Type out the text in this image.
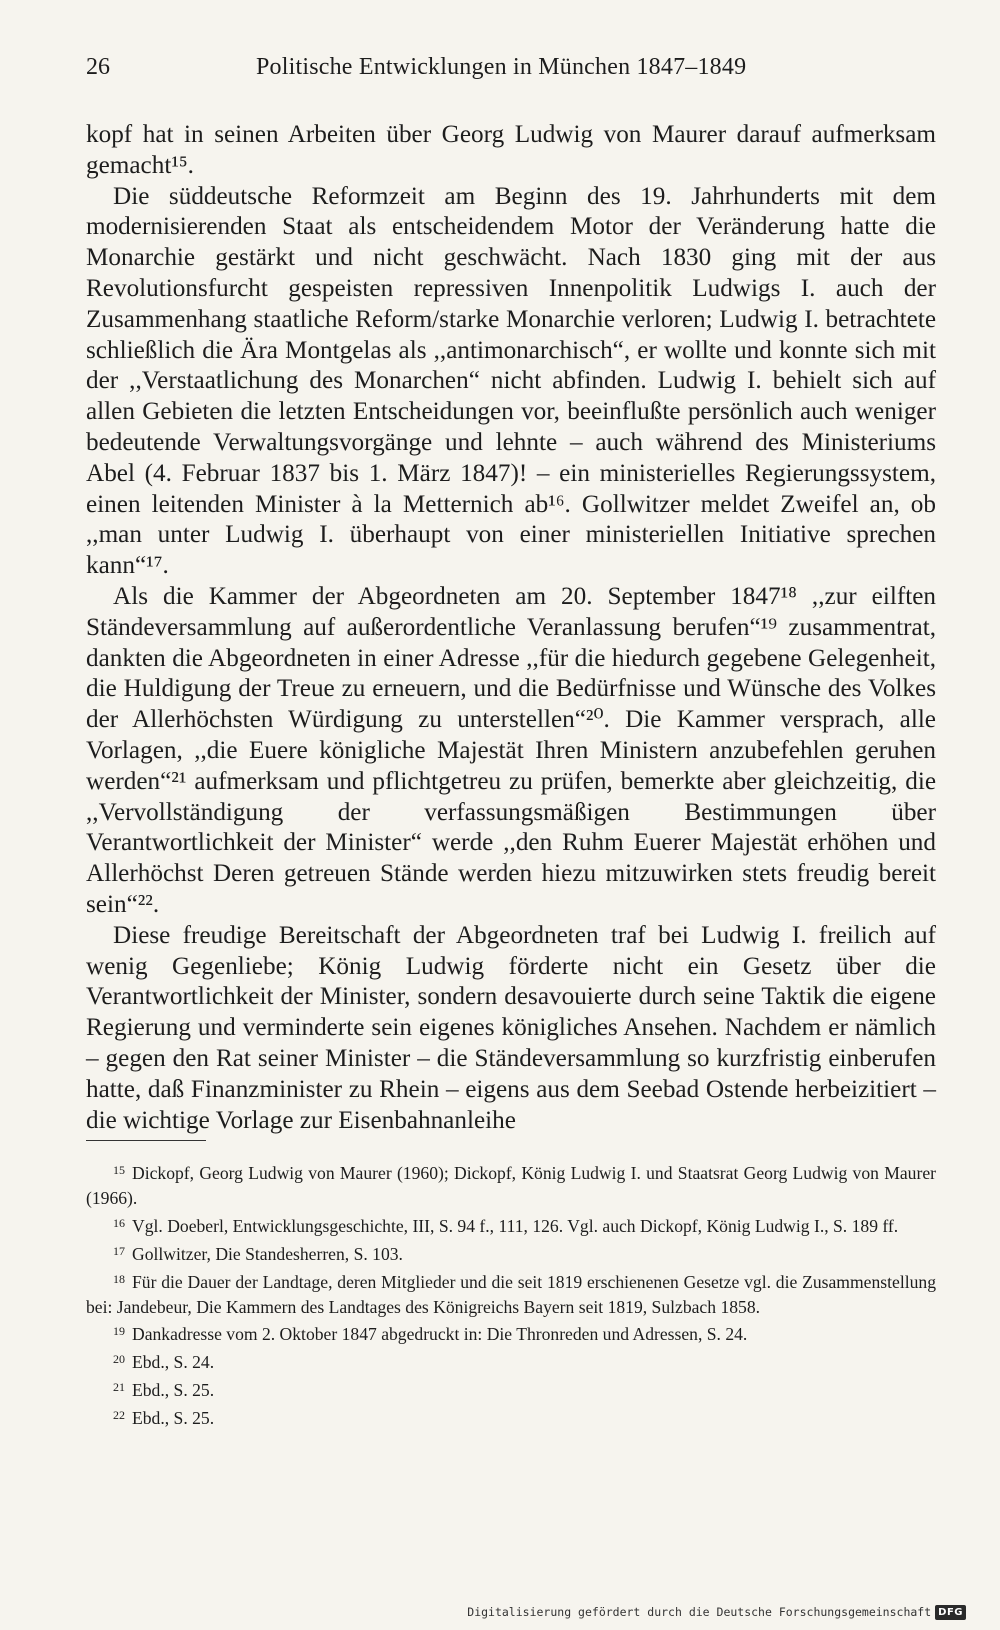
26	Politische Entwicklungen in München 1847–1849

kopf hat in seinen Arbeiten über Georg Ludwig von Maurer darauf aufmerksam gemacht¹⁵.

Die süddeutsche Reformzeit am Beginn des 19. Jahrhunderts mit dem modernisierenden Staat als entscheidendem Motor der Veränderung hatte die Monarchie gestärkt und nicht geschwächt. Nach 1830 ging mit der aus Revolutionsfurcht gespeisten repressiven Innenpolitik Ludwigs I. auch der Zusammenhang staatliche Reform/starke Monarchie verloren; Ludwig I. betrachtete schließlich die Ära Montgelas als ,,antimonarchisch“, er wollte und konnte sich mit der ,,Verstaatlichung des Monarchen“ nicht abfinden. Ludwig I. behielt sich auf allen Gebieten die letzten Entscheidungen vor, beeinflußte persönlich auch weniger bedeutende Verwaltungsvorgänge und lehnte – auch während des Ministeriums Abel (4. Februar 1837 bis 1. März 1847)! – ein ministerielles Regierungssystem, einen leitenden Minister à la Metternich ab¹⁶. Gollwitzer meldet Zweifel an, ob ,,man unter Ludwig I. überhaupt von einer ministeriellen Initiative sprechen kann“¹⁷.

Als die Kammer der Abgeordneten am 20. September 1847¹⁸ ,,zur eilften Ständeversammlung auf außerordentliche Veranlassung berufen“¹⁹ zusammentrat, dankten die Abgeordneten in einer Adresse ,,für die hiedurch gegebene Gelegenheit, die Huldigung der Treue zu erneuern, und die Bedürfnisse und Wünsche des Volkes der Allerhöchsten Würdigung zu unterstellen“²⁰. Die Kammer versprach, alle Vorlagen, ,,die Euere königliche Majestät Ihren Ministern anzubefehlen geruhen werden“²¹ aufmerksam und pflichtgetreu zu prüfen, bemerkte aber gleichzeitig, die ,,Vervollständigung der verfassungsmäßigen Bestimmungen über Verantwortlichkeit der Minister“ werde ,,den Ruhm Euerer Majestät erhöhen und Allerhöchst Deren getreuen Stände werden hiezu mitzuwirken stets freudig bereit sein“²².

Diese freudige Bereitschaft der Abgeordneten traf bei Ludwig I. freilich auf wenig Gegenliebe; König Ludwig förderte nicht ein Gesetz über die Verantwortlichkeit der Minister, sondern desavouierte durch seine Taktik die eigene Regierung und verminderte sein eigenes königliches Ansehen. Nachdem er nämlich – gegen den Rat seiner Minister – die Ständeversammlung so kurzfristig einberufen hatte, daß Finanzminister zu Rhein – eigens aus dem Seebad Ostende herbeizitiert – die wichtige Vorlage zur Eisenbahnanleihe

$^{15}$ Dickopf, Georg Ludwig von Maurer (1960); Dickopf, König Ludwig I. und Staatsrat Georg Ludwig von Maurer (1966).

$^{16}$ Vgl. Doeberl, Entwicklungsgeschichte, III, S. 94 f., 111, 126. Vgl. auch Dickopf, König Ludwig I., S. 189 ff.

$^{17}$ Gollwitzer, Die Standesherren, S. 103.

$^{18}$ Für die Dauer der Landtage, deren Mitglieder und die seit 1819 erschienenen Gesetze vgl. die Zusammenstellung bei: Jandebeur, Die Kammern des Landtages des Königreichs Bayern seit 1819, Sulzbach 1858.

$^{19}$ Dankadresse vom 2. Oktober 1847 abgedruckt in: Die Thronreden und Adressen, S. 24.

$^{20}$ Ebd., S. 24.

$^{21}$ Ebd., S. 25.

$^{22}$ Ebd., S. 25.

Digitalisierung gefördert durch die Deutsche Forschungsgemeinschaft DFG
